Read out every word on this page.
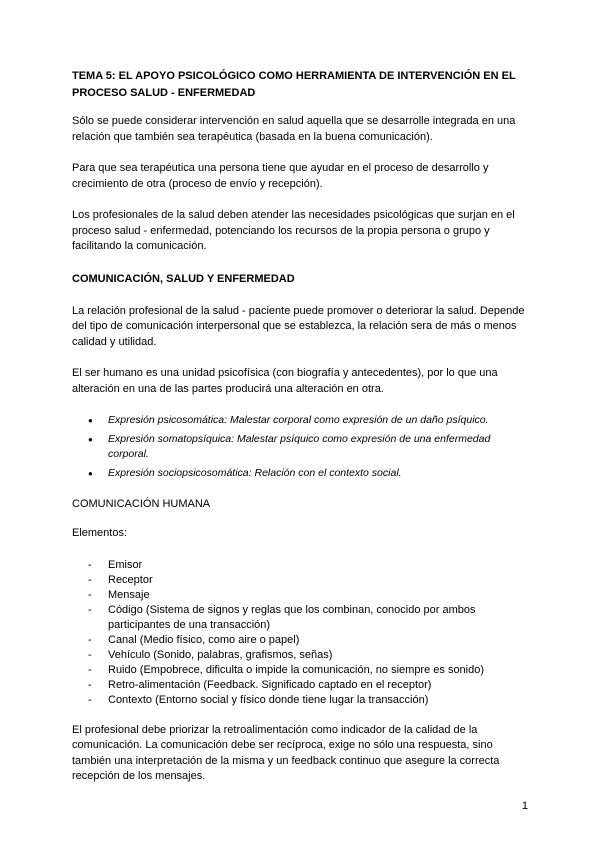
TEMA 5: EL APOYO PSICOLÓGICO COMO HERRAMIENTA DE INTERVENCIÓN EN EL PROCESO SALUD - ENFERMEDAD
Sólo se puede considerar intervención en salud aquella que se desarrolle integrada en una relación que también sea terapéutica (basada en la buena comunicación).
Para que sea terapéutica una persona tiene que ayudar en el proceso de desarrollo y crecimiento de otra (proceso de envío y recepción).
Los profesionales de la salud deben atender las necesidades psicológicas que surjan en el proceso salud - enfermedad, potenciando los recursos de la propia persona o grupo y facilitando la comunicación.
COMUNICACIÓN, SALUD Y ENFERMEDAD
La relación profesional de la salud - paciente puede promover o deteriorar la salud. Depende del tipo de comunicación interpersonal que se establezca, la relación sera de más o menos calidad y utilidad.
El ser humano es una unidad psicofísica (con biografía y antecedentes), por lo que una alteración en una de las partes producirá una alteración en otra.
● Expresión psicosomática: Malestar corporal como expresión de un daño psíquico.
● Expresión somatopsíquica: Malestar psíquico como expresión de una enfermedad corporal.
● Expresión sociopsicosomática: Relación con el contexto social.
COMUNICACIÓN HUMANA
Elementos:
- Emisor
- Receptor
- Mensaje
- Código (Sistema de signos y reglas que los combinan, conocido por ambos participantes de una transacción)
- Canal (Medio físico, como aire o papel)
- Vehículo (Sonido, palabras, grafismos, señas)
- Ruido (Empobrece, dificulta o impide la comunicación, no siempre es sonido)
- Retro-alimentación (Feedback. Significado captado en el receptor)
- Contexto (Entorno social y físico donde tiene lugar la transacción)
El profesional debe priorizar la retroalimentación como indicador de la calidad de la comunicación. La comunicación debe ser recíproca, exige no sólo una respuesta, sino también una interpretación de la misma y un feedback continuo que asegure la correcta recepción de los mensajes.
1
